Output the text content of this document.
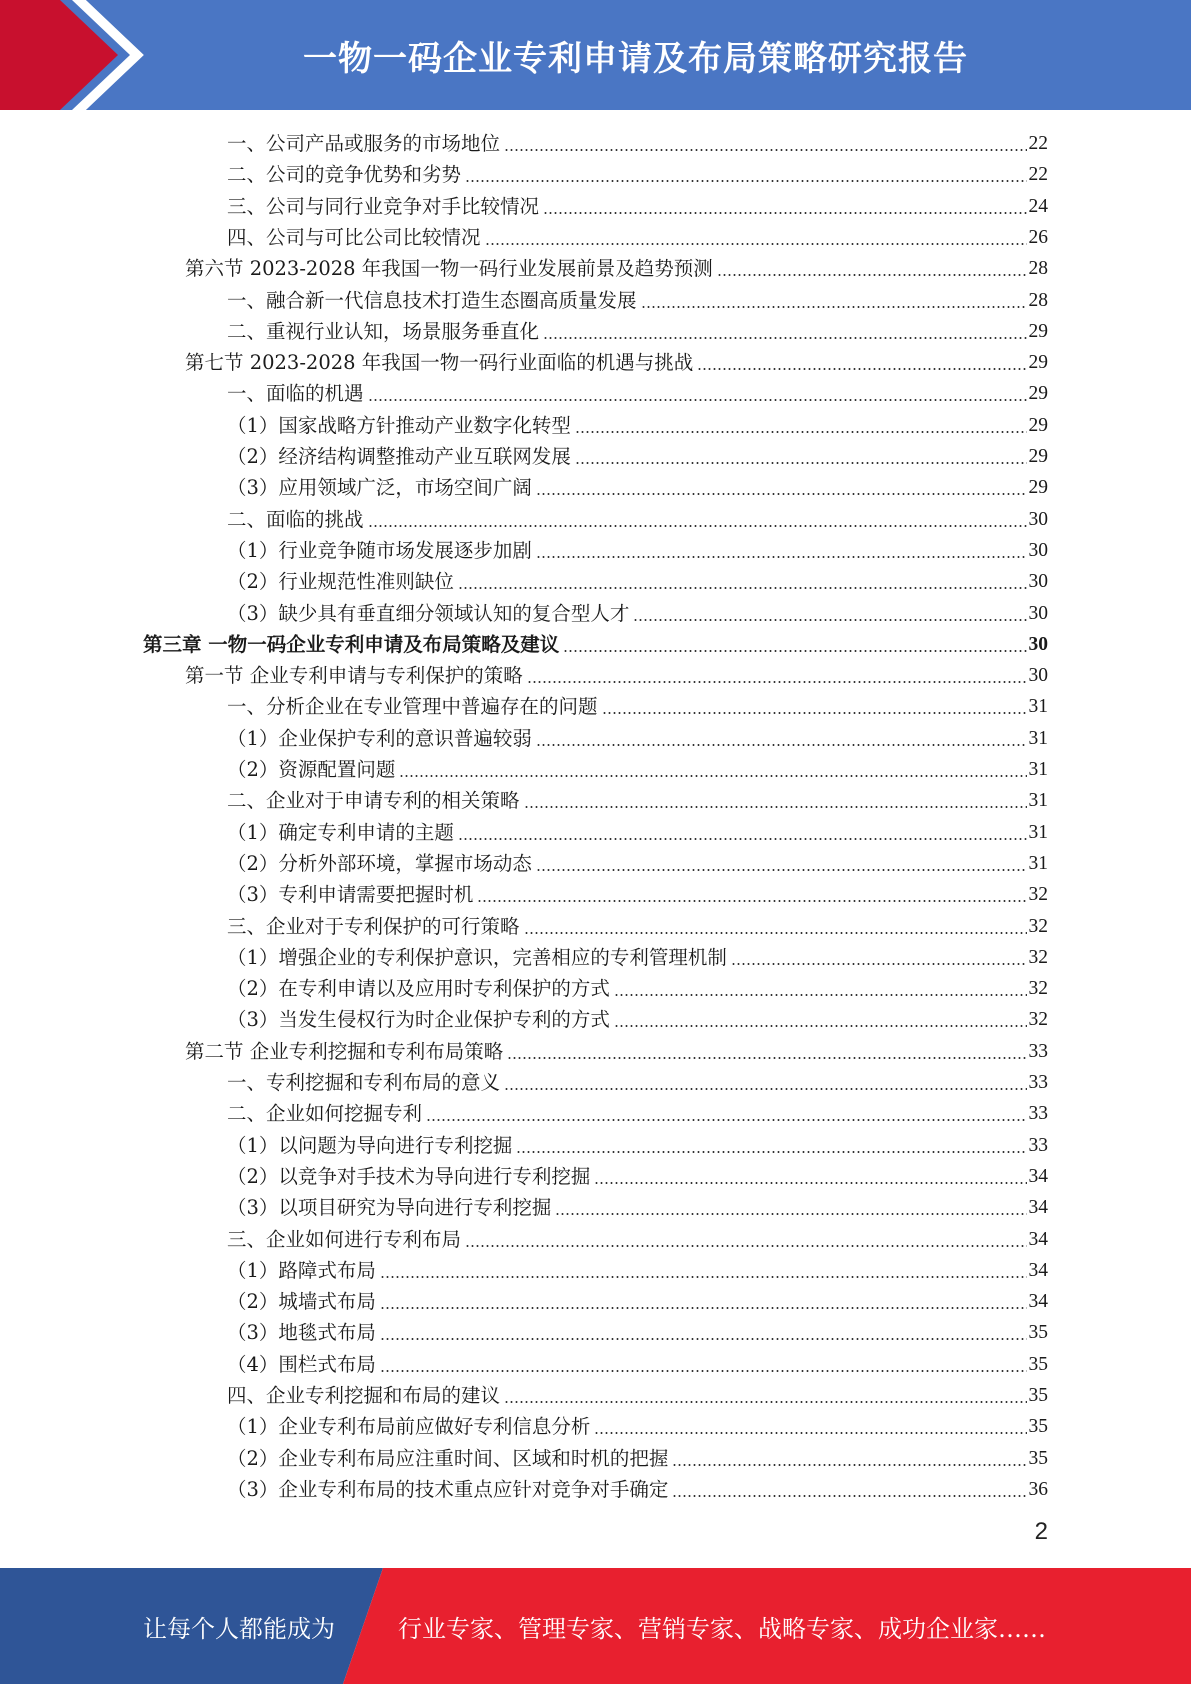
一物一码企业专利申请及布局策略研究报告
一、公司产品或服务的市场地位	22
二、公司的竞争优势和劣势	22
三、公司与同行业竞争对手比较情况	24
四、公司与可比公司比较情况	26
第六节 2023-2028 年我国一物一码行业发展前景及趋势预测	28
一、融合新一代信息技术打造生态圈高质量发展	28
二、重视行业认知，场景服务垂直化	29
第七节 2023-2028 年我国一物一码行业面临的机遇与挑战	29
一、面临的机遇	29
（1）国家战略方针推动产业数字化转型	29
（2）经济结构调整推动产业互联网发展	29
（3）应用领域广泛，市场空间广阔	29
二、面临的挑战	30
（1）行业竞争随市场发展逐步加剧	30
（2）行业规范性准则缺位	30
（3）缺少具有垂直细分领域认知的复合型人才	30
第三章 一物一码企业专利申请及布局策略及建议	30
第一节 企业专利申请与专利保护的策略	30
一、分析企业在专业管理中普遍存在的问题	31
（1）企业保护专利的意识普遍较弱	31
（2）资源配置问题	31
二、企业对于申请专利的相关策略	31
（1）确定专利申请的主题	31
（2）分析外部环境，掌握市场动态	31
（3）专利申请需要把握时机	32
三、企业对于专利保护的可行策略	32
（1）增强企业的专利保护意识，完善相应的专利管理机制	32
（2）在专利申请以及应用时专利保护的方式	32
（3）当发生侵权行为时企业保护专利的方式	32
第二节 企业专利挖掘和专利布局策略	33
一、专利挖掘和专利布局的意义	33
二、企业如何挖掘专利	33
（1）以问题为导向进行专利挖掘	33
（2）以竞争对手技术为导向进行专利挖掘	34
（3）以项目研究为导向进行专利挖掘	34
三、企业如何进行专利布局	34
（1）路障式布局	34
（2）城墙式布局	34
（3）地毯式布局	35
（4）围栏式布局	35
四、企业专利挖掘和布局的建议	35
（1）企业专利布局前应做好专利信息分析	35
（2）企业专利布局应注重时间、区域和时机的把握	35
（3）企业专利布局的技术重点应针对竞争对手确定	36
2
让每个人都能成为	行业专家、管理专家、营销专家、战略专家、成功企业家……
